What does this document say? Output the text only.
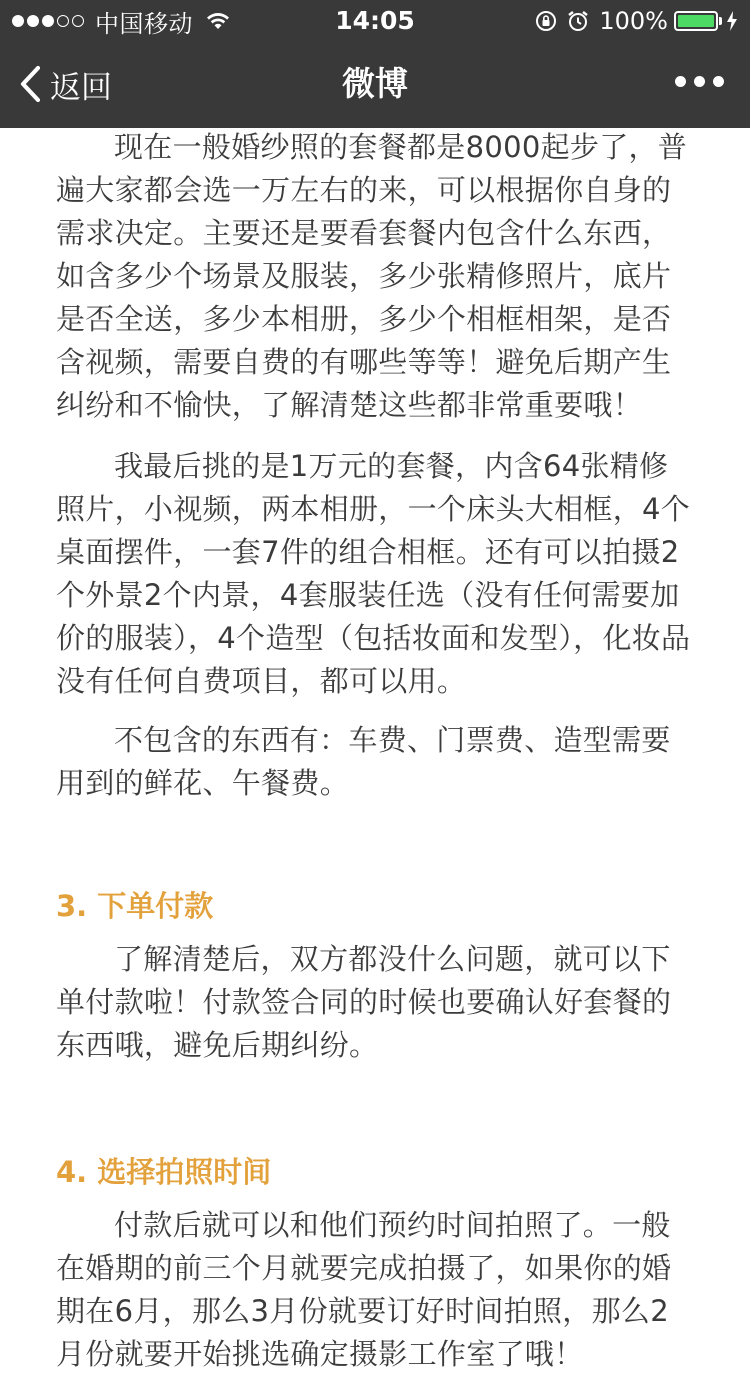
中国移动	14:05	100%
返回	微博

现在一般婚纱照的套餐都是8000起步了，普遍大家都会选一万左右的来，可以根据你自身的需求决定。主要还是要看套餐内包含什么东西，如含多少个场景及服装，多少张精修照片，底片是否全送，多少本相册，多少个相框相架，是否含视频，需要自费的有哪些等等！避免后期产生纠纷和不愉快，了解清楚这些都非常重要哦！

我最后挑的是1万元的套餐，内含64张精修照片，小视频，两本相册，一个床头大相框，4个桌面摆件，一套7件的组合相框。还有可以拍摄2个外景2个内景，4套服装任选（没有任何需要加价的服装），4个造型（包括妆面和发型），化妆品没有任何自费项目，都可以用。

不包含的东西有：车费、门票费、造型需要用到的鲜花、午餐费。

3. 下单付款

了解清楚后，双方都没什么问题，就可以下单付款啦！付款签合同的时候也要确认好套餐的东西哦，避免后期纠纷。

4. 选择拍照时间

付款后就可以和他们预约时间拍照了。一般在婚期的前三个月就要完成拍摄了，如果你的婚期在6月，那么3月份就要订好时间拍照，那么2月份就要开始挑选确定摄影工作室了哦！
